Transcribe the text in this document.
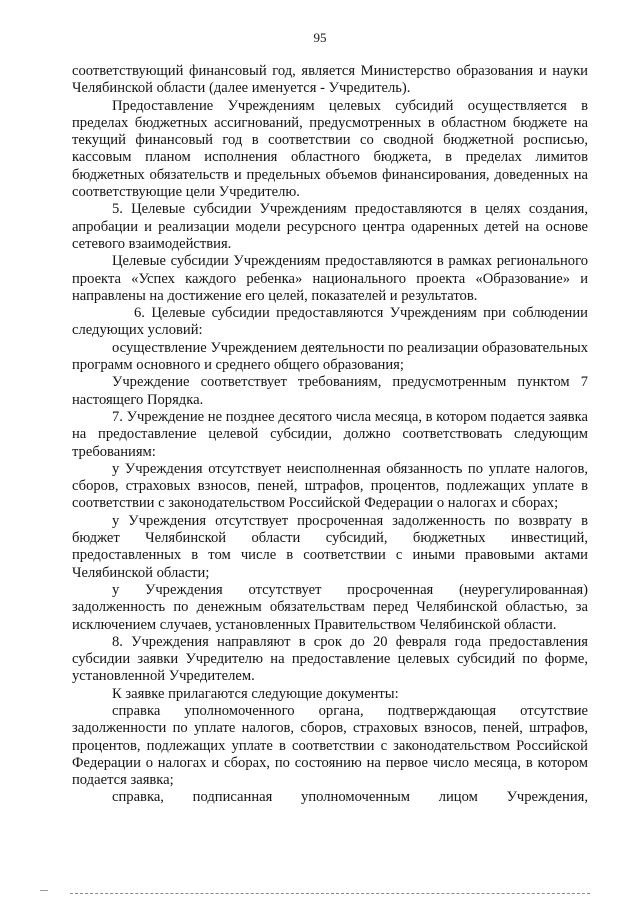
95

соответствующий финансовый год, является Министерство образования и науки Челябинской области (далее именуется - Учредитель).

Предоставление Учреждениям целевых субсидий осуществляется в пределах бюджетных ассигнований, предусмотренных в областном бюджете на текущий финансовый год в соответствии со сводной бюджетной росписью, кассовым планом исполнения областного бюджета, в пределах лимитов бюджетных обязательств и предельных объемов финансирования, доведенных на соответствующие цели Учредителю.

5. Целевые субсидии Учреждениям предоставляются в целях создания, апробации и реализации модели ресурсного центра одаренных детей на основе сетевого взаимодействия.

Целевые субсидии Учреждениям предоставляются в рамках регионального проекта «Успех каждого ребенка» национального проекта «Образование» и направлены на достижение его целей, показателей и результатов.

6. Целевые субсидии предоставляются Учреждениям при соблюдении следующих условий:

осуществление Учреждением деятельности по реализации образовательных программ основного и среднего общего образования;

Учреждение соответствует требованиям, предусмотренным пунктом 7 настоящего Порядка.

7. Учреждение не позднее десятого числа месяца, в котором подается заявка на предоставление целевой субсидии, должно соответствовать следующим требованиям:

у Учреждения отсутствует неисполненная обязанность по уплате налогов, сборов, страховых взносов, пеней, штрафов, процентов, подлежащих уплате в соответствии с законодательством Российской Федерации о налогах и сборах;

у Учреждения отсутствует просроченная задолженность по возврату в бюджет Челябинской области субсидий, бюджетных инвестиций, предоставленных в том числе в соответствии с иными правовыми актами Челябинской области;

у Учреждения отсутствует просроченная (неурегулированная) задолженность по денежным обязательствам перед Челябинской областью, за исключением случаев, установленных Правительством Челябинской области.

8. Учреждения направляют в срок до 20 февраля года предоставления субсидии заявки Учредителю на предоставление целевых субсидий по форме, установленной Учредителем.

К заявке прилагаются следующие документы:

справка уполномоченного органа, подтверждающая отсутствие задолженности по уплате налогов, сборов, страховых взносов, пеней, штрафов, процентов, подлежащих уплате в соответствии с законодательством Российской Федерации о налогах и сборах, по состоянию на первое число месяца, в котором подается заявка;

справка, подписанная уполномоченным лицом Учреждения,
